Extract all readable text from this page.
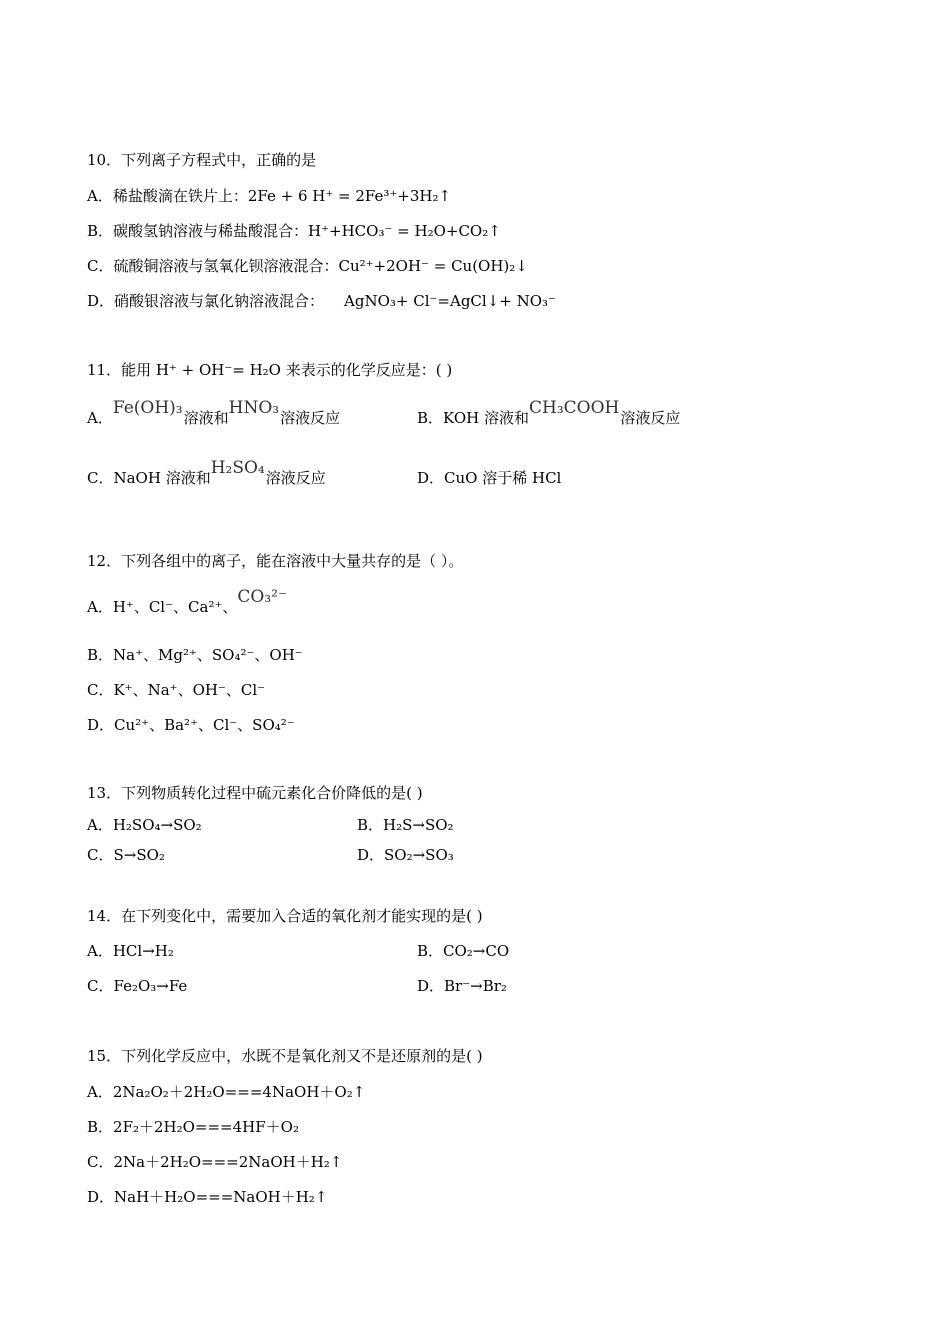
10．下列离子方程式中，正确的是
A．稀盐酸滴在铁片上：2Fe + 6 H⁺ = 2Fe³⁺+3H₂↑
B．碳酸氢钠溶液与稀盐酸混合：H⁺+HCO₃⁻ = H₂O+CO₂↑
C．硫酸铜溶液与氢氧化钡溶液混合：Cu²⁺+2OH⁻ = Cu(OH)₂↓
D．硝酸银溶液与氯化钠溶液混合： AgNO₃+ Cl⁻=AgCl↓+ NO₃⁻
11．能用 H⁺ + OH⁻= H₂O 来表示的化学反应是：( )
A．Fe(OH)₃溶液和HNO₃溶液反应	B．KOH 溶液和CH₃COOH溶液反应
C．NaOH 溶液和H₂SO₄溶液反应	D．CuO 溶于稀 HCl
12．下列各组中的离子，能在溶液中大量共存的是（ ）。
A．H⁺、Cl⁻、Ca²⁺、CO₃²⁻
B．Na⁺、Mg²⁺、SO₄²⁻、OH⁻
C．K⁺、Na⁺、OH⁻、Cl⁻
D．Cu²⁺、Ba²⁺、Cl⁻、SO₄²⁻
13．下列物质转化过程中硫元素化合价降低的是( )
A．H₂SO₄→SO₂	B．H₂S→SO₂
C．S→SO₂	D．SO₂→SO₃
14．在下列变化中，需要加入合适的氧化剂才能实现的是( )
A．HCl→H₂	B．CO₂→CO
C．Fe₂O₃→Fe	D．Br⁻→Br₂
15．下列化学反应中，水既不是氧化剂又不是还原剂的是( )
A．2Na₂O₂＋2H₂O===4NaOH＋O₂↑
B．2F₂＋2H₂O===4HF＋O₂
C．2Na＋2H₂O===2NaOH＋H₂↑
D．NaH＋H₂O===NaOH＋H₂↑
